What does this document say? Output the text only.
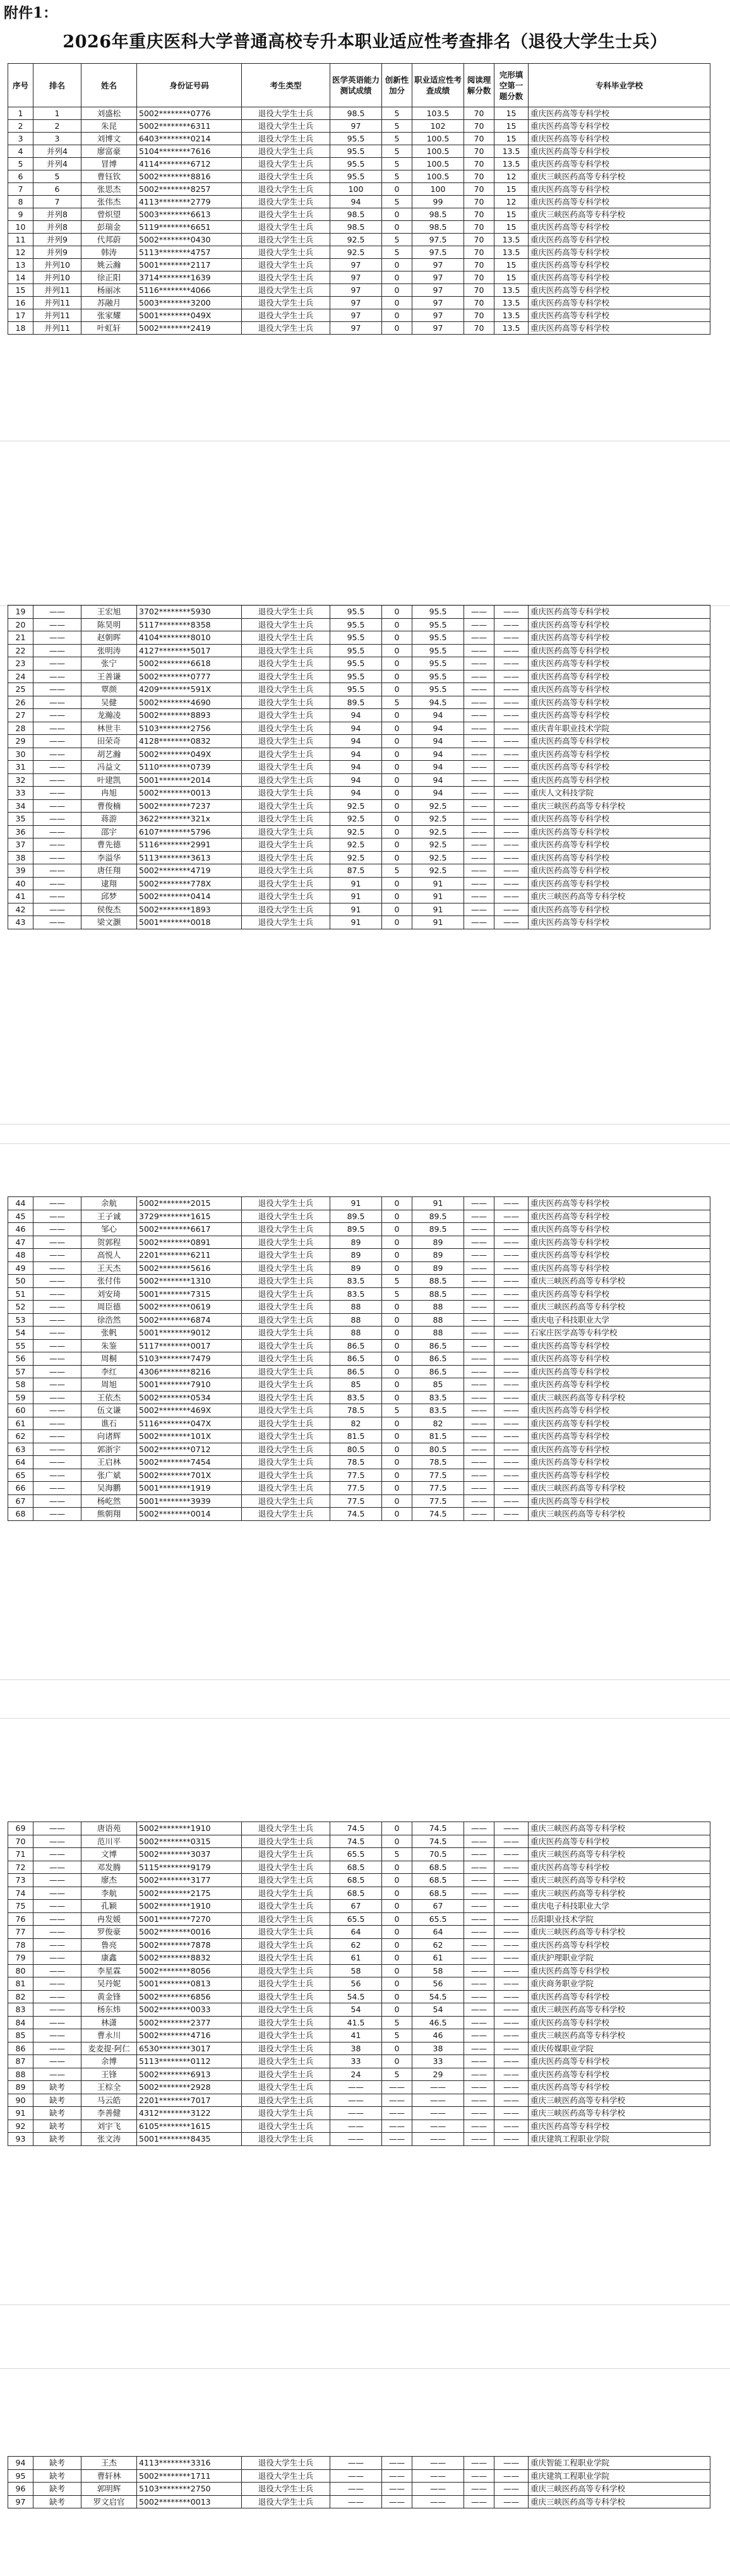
附件1：
2026年重庆医科大学普通高校专升本职业适应性考查排名（退役大学生士兵）
序号	排名	姓名	身份证号码	考生类型	医学英语能力测试成绩	创新性加分	职业适应性考查成绩	阅读理解分数	完形填空第一题分数	专科毕业学校
1	1	刘盛松	5002********0776	退役大学生士兵	98.5	5	103.5	70	15	重庆医药高等专科学校
2	2	朱昆	5002********6311	退役大学生士兵	97	5	102	70	15	重庆医药高等专科学校
3	3	刘博文	6403********0214	退役大学生士兵	95.5	5	100.5	70	15	重庆医药高等专科学校
4	并列4	廖富豪	5104********7616	退役大学生士兵	95.5	5	100.5	70	13.5	重庆医药高等专科学校
5	并列4	冒博	4114********6712	退役大学生士兵	95.5	5	100.5	70	13.5	重庆医药高等专科学校
6	5	曹钰钦	5002********8816	退役大学生士兵	95.5	5	100.5	70	12	重庆三峡医药高等专科学校
7	6	张思杰	5002********8257	退役大学生士兵	100	0	100	70	15	重庆医药高等专科学校
8	7	张伟杰	4113********2779	退役大学生士兵	94	5	99	70	12	重庆医药高等专科学校
9	并列8	曾炽望	5003********6613	退役大学生士兵	98.5	0	98.5	70	15	重庆三峡医药高等专科学校
10	并列8	彭瑞金	5119********6651	退役大学生士兵	98.5	0	98.5	70	15	重庆医药高等专科学校
11	并列9	代邦蔚	5002********0430	退役大学生士兵	92.5	5	97.5	70	13.5	重庆医药高等专科学校
12	并列9	韩涛	5113********4757	退役大学生士兵	92.5	5	97.5	70	13.5	重庆医药高等专科学校
13	并列10	姚云瀚	5001********2117	退役大学生士兵	97	0	97	70	15	重庆医药高等专科学校
14	并列10	徐正阳	3714********1639	退役大学生士兵	97	0	97	70	15	重庆医药高等专科学校
15	并列11	杨丽冰	5116********4066	退役大学生士兵	97	0	97	70	13.5	重庆医药高等专科学校
16	并列11	苏融月	5003********3200	退役大学生士兵	97	0	97	70	13.5	重庆医药高等专科学校
17	并列11	张家耀	5001********049X	退役大学生士兵	97	0	97	70	13.5	重庆医药高等专科学校
18	并列11	叶虹轩	5002********2419	退役大学生士兵	97	0	97	70	13.5	重庆医药高等专科学校
19	——	王宏旭	3702********5930	退役大学生士兵	95.5	0	95.5	——	——	重庆医药高等专科学校
20	——	陈昊明	5117********8358	退役大学生士兵	95.5	0	95.5	——	——	重庆医药高等专科学校
21	——	赵朝晖	4104********8010	退役大学生士兵	95.5	0	95.5	——	——	重庆医药高等专科学校
22	——	张明涛	4127********5017	退役大学生士兵	95.5	0	95.5	——	——	重庆医药高等专科学校
23	——	张宁	5002********6618	退役大学生士兵	95.5	0	95.5	——	——	重庆医药高等专科学校
24	——	王善谦	5002********0777	退役大学生士兵	95.5	0	95.5	——	——	重庆医药高等专科学校
25	——	覃颜	4209********591X	退役大学生士兵	95.5	0	95.5	——	——	重庆医药高等专科学校
26	——	吴健	5002********4690	退役大学生士兵	89.5	5	94.5	——	——	重庆医药高等专科学校
27	——	龙瀚凌	5002********8893	退役大学生士兵	94	0	94	——	——	重庆医药高等专科学校
28	——	林世丰	5103********2756	退役大学生士兵	94	0	94	——	——	重庆青年职业技术学院
29	——	田荣奇	4128********0832	退役大学生士兵	94	0	94	——	——	重庆医药高等专科学校
30	——	胡艺瀚	5002********049X	退役大学生士兵	94	0	94	——	——	重庆医药高等专科学校
31	——	冯益文	5110********0739	退役大学生士兵	94	0	94	——	——	重庆医药高等专科学校
32	——	叶建凯	5001********2014	退役大学生士兵	94	0	94	——	——	重庆医药高等专科学校
33	——	冉旭	5002********0013	退役大学生士兵	94	0	94	——	——	重庆人文科技学院
34	——	曹俊楠	5002********7237	退役大学生士兵	92.5	0	92.5	——	——	重庆三峡医药高等专科学校
35	——	蒋游	3622********321x	退役大学生士兵	92.5	0	92.5	——	——	重庆医药高等专科学校
36	——	邵宇	6107********5796	退役大学生士兵	92.5	0	92.5	——	——	重庆医药高等专科学校
37	——	曹先德	5116********2991	退役大学生士兵	92.5	0	92.5	——	——	重庆医药高等专科学校
38	——	李溢华	5113********3613	退役大学生士兵	92.5	0	92.5	——	——	重庆医药高等专科学校
39	——	唐任翔	5002********4719	退役大学生士兵	87.5	5	92.5	——	——	重庆医药高等专科学校
40	——	逮翔	5002********778X	退役大学生士兵	91	0	91	——	——	重庆医药高等专科学校
41	——	邱梦	5002********0414	退役大学生士兵	91	0	91	——	——	重庆三峡医药高等专科学校
42	——	侯俊杰	5002********1893	退役大学生士兵	91	0	91	——	——	重庆医药高等专科学校
43	——	梁文灏	5001********0018	退役大学生士兵	91	0	91	——	——	重庆医药高等专科学校
44	——	余航	5002********2015	退役大学生士兵	91	0	91	——	——	重庆医药高等专科学校
45	——	王子诚	3729********1615	退役大学生士兵	89.5	0	89.5	——	——	重庆医药高等专科学校
46	——	邹心	5002********6617	退役大学生士兵	89.5	0	89.5	——	——	重庆医药高等专科学校
47	——	贺郭程	5002********0891	退役大学生士兵	89	0	89	——	——	重庆医药高等专科学校
48	——	高悦人	2201********6211	退役大学生士兵	89	0	89	——	——	重庆医药高等专科学校
49	——	王天杰	5002********5616	退役大学生士兵	89	0	89	——	——	重庆医药高等专科学校
50	——	张付伟	5002********1310	退役大学生士兵	83.5	5	88.5	——	——	重庆三峡医药高等专科学校
51	——	刘安琦	5001********7315	退役大学生士兵	83.5	5	88.5	——	——	重庆医药高等专科学校
52	——	周臣德	5002********0619	退役大学生士兵	88	0	88	——	——	重庆三峡医药高等专科学校
53	——	徐浩然	5002********6874	退役大学生士兵	88	0	88	——	——	重庆电子科技职业大学
54	——	张帆	5001********9012	退役大学生士兵	88	0	88	——	——	石家庄医学高等专科学校
55	——	朱鉴	5117********0017	退役大学生士兵	86.5	0	86.5	——	——	重庆医药高等专科学校
56	——	周桐	5103********7479	退役大学生士兵	86.5	0	86.5	——	——	重庆医药高等专科学校
57	——	李红	4306********8216	退役大学生士兵	86.5	0	86.5	——	——	重庆医药高等专科学校
58	——	周旭	5001********7910	退役大学生士兵	85	0	85	——	——	重庆医药高等专科学校
59	——	王依杰	5002********0534	退役大学生士兵	83.5	0	83.5	——	——	重庆三峡医药高等专科学校
60	——	伍文谦	5002********469X	退役大学生士兵	78.5	5	83.5	——	——	重庆医药高等专科学校
61	——	谯石	5116********047X	退役大学生士兵	82	0	82	——	——	重庆医药高等专科学校
62	——	向诸辉	5002********101X	退役大学生士兵	81.5	0	81.5	——	——	重庆医药高等专科学校
63	——	郭浙宇	5002********0712	退役大学生士兵	80.5	0	80.5	——	——	重庆医药高等专科学校
64	——	王启林	5002********7454	退役大学生士兵	78.5	0	78.5	——	——	重庆医药高等专科学校
65	——	张广斌	5002********701X	退役大学生士兵	77.5	0	77.5	——	——	重庆医药高等专科学校
66	——	吴海鹏	5001********1919	退役大学生士兵	77.5	0	77.5	——	——	重庆三峡医药高等专科学校
67	——	杨屹然	5001********3939	退役大学生士兵	77.5	0	77.5	——	——	重庆医药高等专科学校
68	——	熊朝翔	5002********0014	退役大学生士兵	74.5	0	74.5	——	——	重庆三峡医药高等专科学校
69	——	唐语苑	5002********1910	退役大学生士兵	74.5	0	74.5	——	——	重庆三峡医药高等专科学校
70	——	范川平	5002********0315	退役大学生士兵	74.5	0	74.5	——	——	重庆医药高等专科学校
71	——	文博	5002********3037	退役大学生士兵	65.5	5	70.5	——	——	重庆三峡医药高等专科学校
72	——	邓发腾	5115********9179	退役大学生士兵	68.5	0	68.5	——	——	重庆医药高等专科学校
73	——	廖杰	5002********3177	退役大学生士兵	68.5	0	68.5	——	——	重庆三峡医药高等专科学校
74	——	李航	5002********2175	退役大学生士兵	68.5	0	68.5	——	——	重庆三峡医药高等专科学校
75	——	孔颖	5002********1910	退役大学生士兵	67	0	67	——	——	重庆电子科技职业大学
76	——	冉发媛	5001********7270	退役大学生士兵	65.5	0	65.5	——	——	岳阳职业技术学院
77	——	罗俊豪	5002********0016	退役大学生士兵	64	0	64	——	——	重庆三峡医药高等专科学校
78	——	鲁亮	5002********7878	退役大学生士兵	62	0	62	——	——	重庆医药高等专科学校
79	——	康鑫	5002********8832	退役大学生士兵	61	0	61	——	——	重庆护理职业学院
80	——	李星霖	5002********8056	退役大学生士兵	58	0	58	——	——	重庆医药高等专科学校
81	——	吴丹妮	5001********0813	退役大学生士兵	56	0	56	——	——	重庆商务职业学院
82	——	黄金锋	5002********6856	退役大学生士兵	54.5	0	54.5	——	——	重庆医药高等专科学校
83	——	杨东炜	5002********0033	退役大学生士兵	54	0	54	——	——	重庆三峡医药高等专科学校
84	——	林潇	5002********2377	退役大学生士兵	41.5	5	46.5	——	——	重庆医药高等专科学校
85	——	曹永川	5002********4716	退役大学生士兵	41	5	46	——	——	重庆三峡医药高等专科学校
86	——	麦麦提·阿仁	6530********3017	退役大学生士兵	38	0	38	——	——	重庆传媒职业学院
87	——	余博	5113********0112	退役大学生士兵	33	0	33	——	——	重庆医药高等专科学校
88	——	王锋	5002********6913	退役大学生士兵	24	5	29	——	——	重庆医药高等专科学校
89	缺考	王棕全	5002********2928	退役大学生士兵	——	——	——	——	——	重庆医药高等专科学校
90	缺考	马云皓	2201********7017	退役大学生士兵	——	——	——	——	——	重庆三峡医药高等专科学校
91	缺考	李善健	4312********3122	退役大学生士兵	——	——	——	——	——	重庆三峡医药高等专科学校
92	缺考	刘宇飞	6105********1615	退役大学生士兵	——	——	——	——	——	重庆医药高等专科学校
93	缺考	张文涛	5001********8435	退役大学生士兵	——	——	——	——	——	重庆建筑工程职业学院
94	缺考	王杰	4113********3316	退役大学生士兵	——	——	——	——	——	重庆智能工程职业学院
95	缺考	曹轩林	5002********1711	退役大学生士兵	——	——	——	——	——	重庆建筑工程职业学院
96	缺考	郭明辉	5103********2750	退役大学生士兵	——	——	——	——	——	重庆三峡医药高等专科学校
97	缺考	罗文启官	5002********0013	退役大学生士兵	——	——	——	——	——	重庆三峡医药高等专科学校
